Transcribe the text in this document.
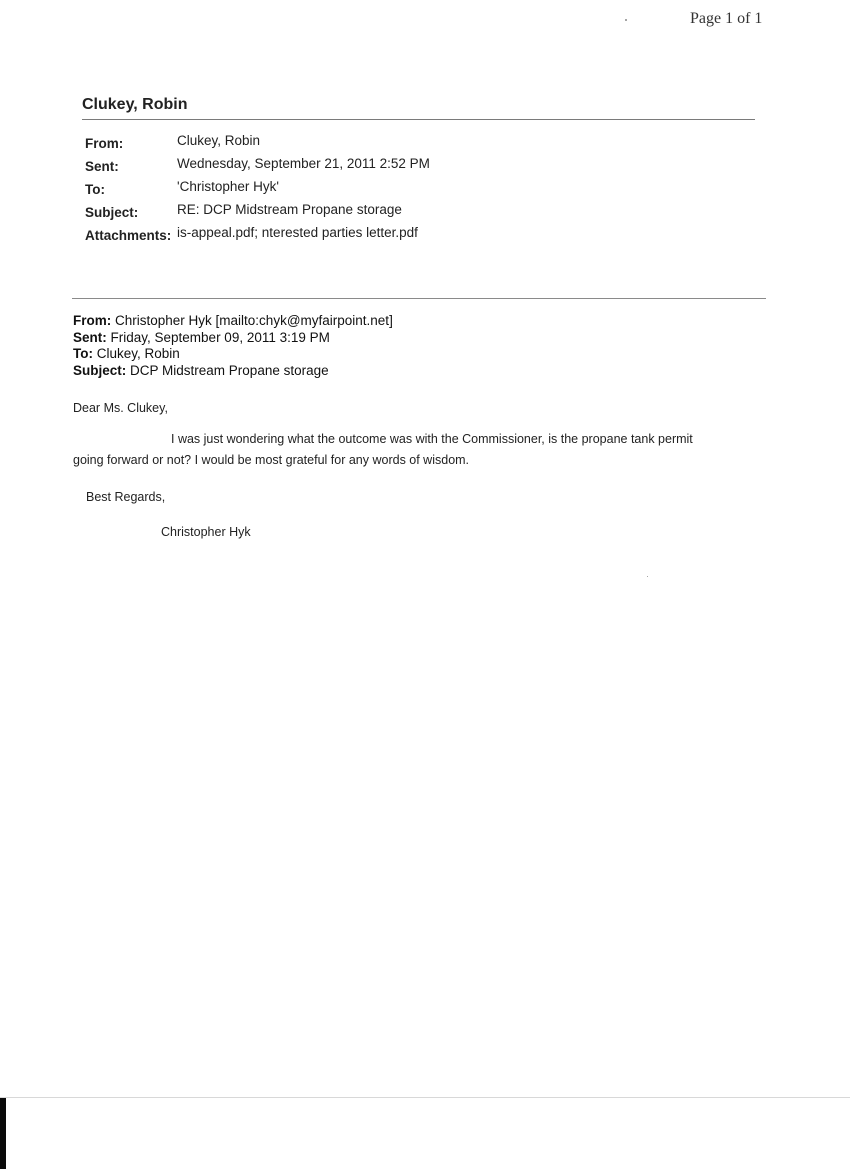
Page 1 of 1
Clukey, Robin
From:	Clukey, Robin
Sent:	Wednesday, September 21, 2011 2:52 PM
To:	'Christopher Hyk'
Subject:	RE: DCP Midstream Propane storage
Attachments: is-appeal.pdf; nterested parties letter.pdf
From: Christopher Hyk [mailto:chyk@myfairpoint.net]
Sent: Friday, September 09, 2011 3:19 PM
To: Clukey, Robin
Subject: DCP Midstream Propane storage
Dear Ms. Clukey,
I was just wondering what the outcome was with the Commissioner, is the propane tank permit
going forward or not? I would be most grateful for any words of wisdom.
Best Regards,
Christopher Hyk
